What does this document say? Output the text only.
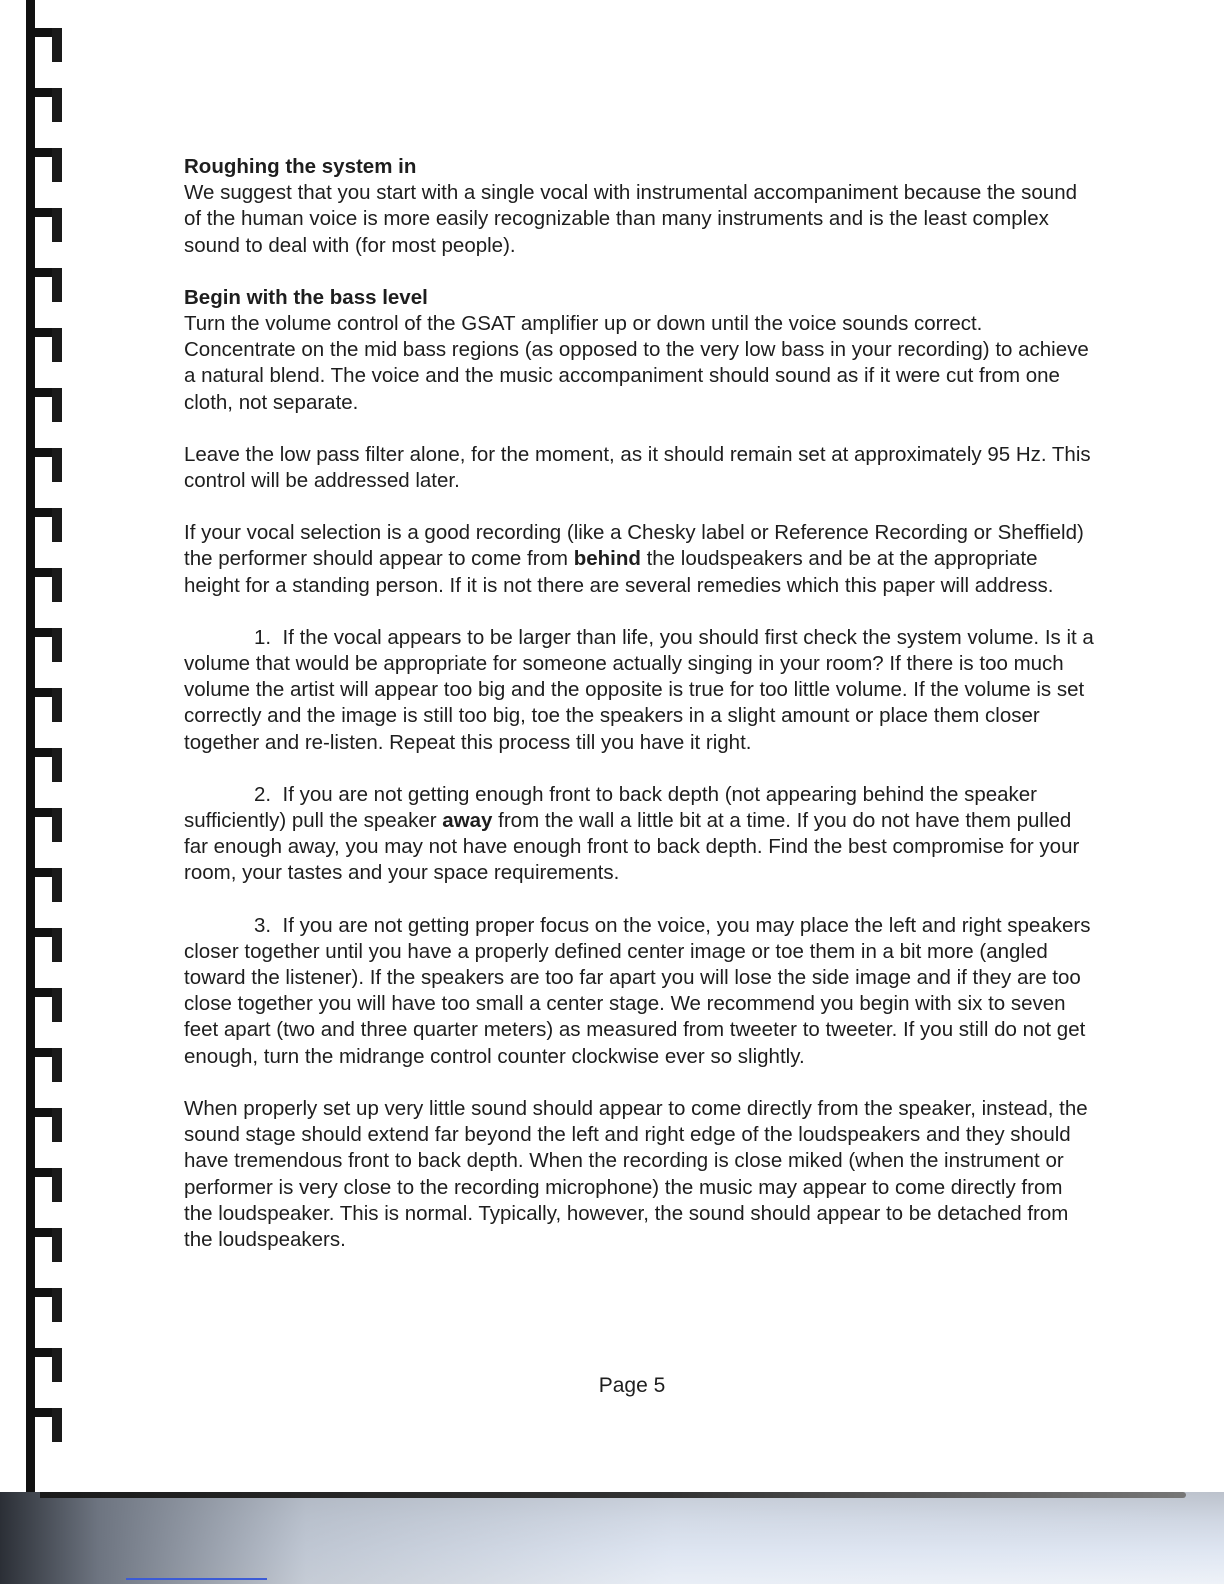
Roughing the system in

We suggest that you start with a single vocal with instrumental accompaniment because the sound of the human voice is more easily recognizable than many instruments and is the least complex sound to deal with (for most people).

Begin with the bass level

Turn the volume control of the GSAT amplifier up or down until the voice sounds correct. Concentrate on the mid bass regions (as opposed to the very low bass in your recording) to achieve a natural blend. The voice and the music accompaniment should sound as if it were cut from one cloth, not separate.

Leave the low pass filter alone, for the moment, as it should remain set at approximately 95 Hz. This control will be addressed later.

If your vocal selection is a good recording (like a Chesky label or Reference Recording or Sheffield) the performer should appear to come from behind the loudspeakers and be at the appropriate height for a standing person. If it is not there are several remedies which this paper will address.

1. If the vocal appears to be larger than life, you should first check the system volume. Is it a volume that would be appropriate for someone actually singing in your room? If there is too much volume the artist will appear too big and the opposite is true for too little volume. If the volume is set correctly and the image is still too big, toe the speakers in a slight amount or place them closer together and re-listen. Repeat this process till you have it right.

2. If you are not getting enough front to back depth (not appearing behind the speaker sufficiently) pull the speaker away from the wall a little bit at a time. If you do not have them pulled far enough away, you may not have enough front to back depth. Find the best compromise for your room, your tastes and your space requirements.

3. If you are not getting proper focus on the voice, you may place the left and right speakers closer together until you have a properly defined center image or toe them in a bit more (angled toward the listener). If the speakers are too far apart you will lose the side image and if they are too close together you will have too small a center stage. We recommend you begin with six to seven feet apart (two and three quarter meters) as measured from tweeter to tweeter. If you still do not get enough, turn the midrange control counter clockwise ever so slightly.

When properly set up very little sound should appear to come directly from the speaker, instead, the sound stage should extend far beyond the left and right edge of the loudspeakers and they should have tremendous front to back depth. When the recording is close miked (when the instrument or performer is very close to the recording microphone) the music may appear to come directly from the loudspeaker. This is normal. Typically, however, the sound should appear to be detached from the loudspeakers.

Page 5
